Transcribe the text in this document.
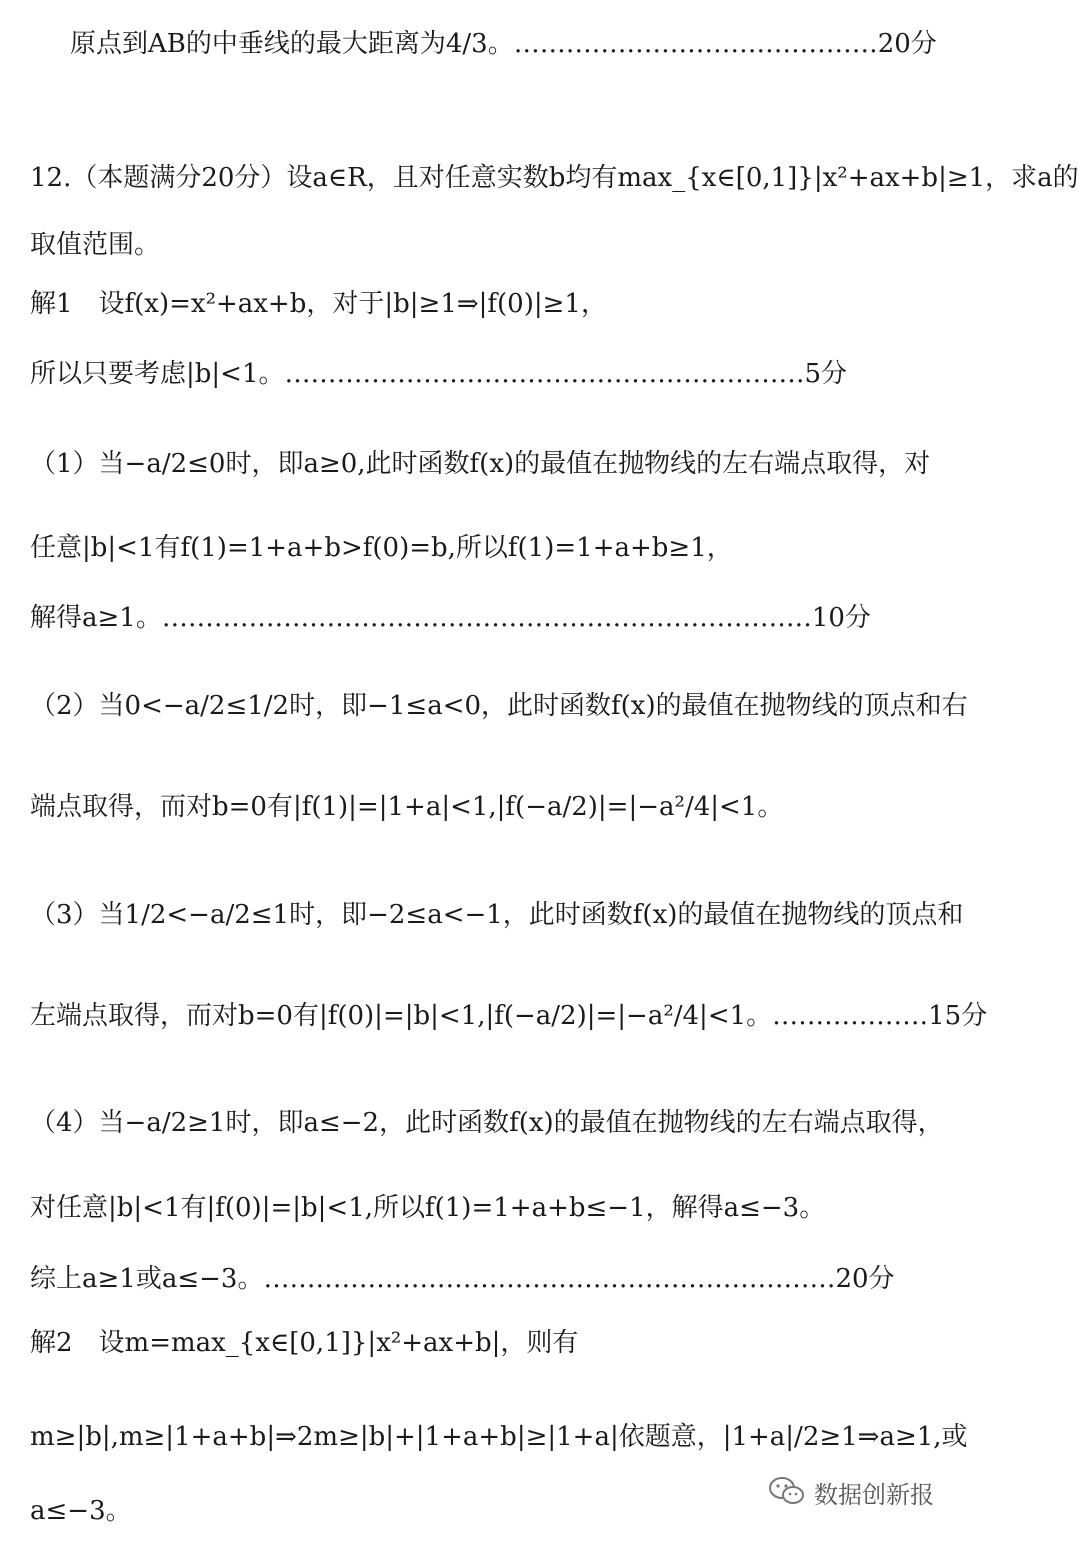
原点到AB的中垂线的最大距离为4/3。……………………………………20分
12.（本题满分20分）设a∈R，且对任意实数b均有max_{x∈[0,1]}|x²+ax+b|≥1，求a的
取值范围。
解1　设f(x)=x²+ax+b，对于|b|≥1⇒|f(0)|≥1，
所以只要考虑|b|<1。……………………………………………………5分
（1）当−a/2≤0时，即a≥0,此时函数f(x)的最值在抛物线的左右端点取得，对
任意|b|<1有f(1)=1+a+b>f(0)=b,所以f(1)=1+a+b≥1，
解得a≥1。…………………………………………………………………10分
（2）当0<−a/2≤1/2时，即−1≤a<0，此时函数f(x)的最值在抛物线的顶点和右
端点取得，而对b=0有|f(1)|=|1+a|<1,|f(−a/2)|=|−a²/4|<1。
（3）当1/2<−a/2≤1时，即−2≤a<−1，此时函数f(x)的最值在抛物线的顶点和
左端点取得，而对b=0有|f(0)|=|b|<1,|f(−a/2)|=|−a²/4|<1。………………15分
（4）当−a/2≥1时，即a≤−2，此时函数f(x)的最值在抛物线的左右端点取得，
对任意|b|<1有|f(0)|=|b|<1,所以f(1)=1+a+b≤−1，解得a≤−3。
综上a≥1或a≤−3。…………………………………………………………20分
解2　设m=max_{x∈[0,1]}|x²+ax+b|，则有
m≥|b|,m≥|1+a+b|⇒2m≥|b|+|1+a+b|≥|1+a|依题意，|1+a|/2≥1⇒a≥1,或
a≤−3。
数据创新报
